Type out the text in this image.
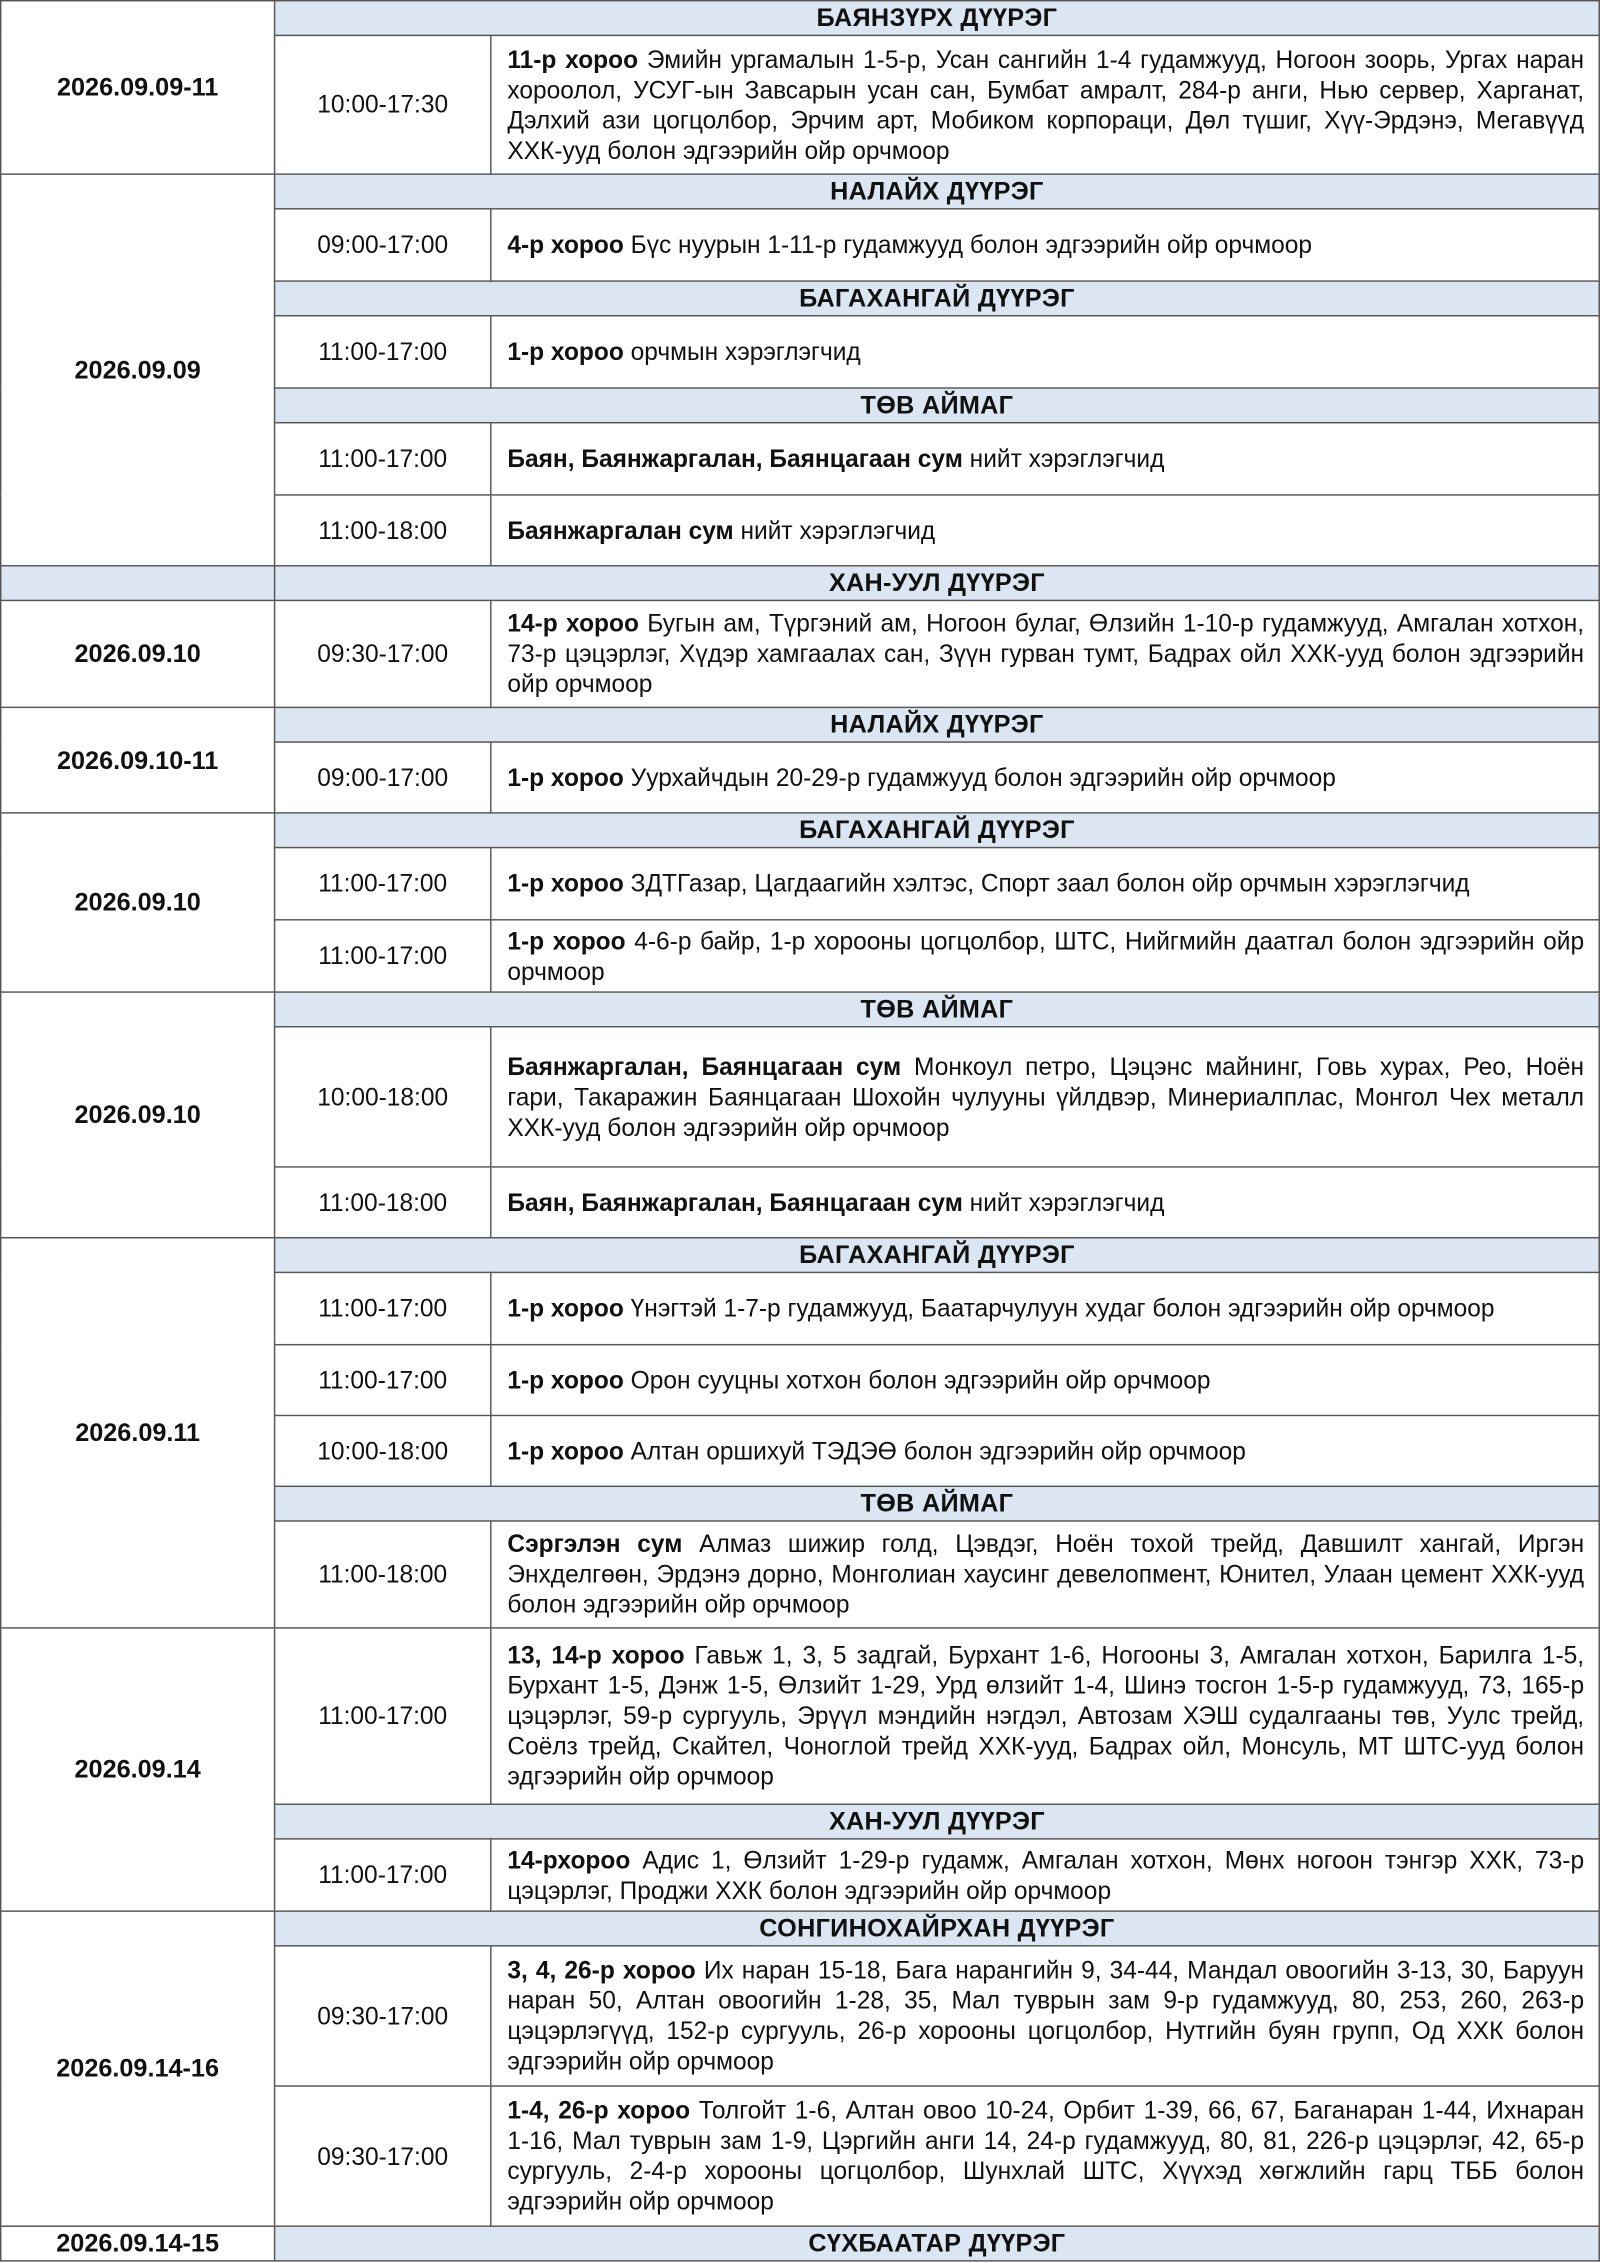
2026.09.09-11	БАЯНЗҮРХ ДҮҮРЭГ	
	10:00-17:30	11-р хороо Эмийн ургамалын 1-5-р, Усан сангийн 1-4 гудамжууд, Ногоон зоорь, Ургах наран хороолол, УСУГ-ын Завсарын усан сан, Бумбат амралт, 284-р анги, Нью сервер, Харганат, Дэлхий ази цогцолбор, Эрчим арт, Мобиком корпораци, Дөл түшиг, Хүү-Эрдэнэ, Мегавүүд ХХК-ууд болон эдгээрийн ойр орчмоор
2026.09.09	НАЛАЙХ ДҮҮРЭГ	
	09:00-17:00	4-р хороо Бүс нуурын 1-11-р гудамжууд болон эдгээрийн ойр орчмоор
	БАГАХАНГАЙ ДҮҮРЭГ	
	11:00-17:00	1-р хороо орчмын хэрэглэгчид
	ТӨВ АЙМАГ	
	11:00-17:00	Баян, Баянжаргалан, Баянцагаан сум нийт хэрэглэгчид
	11:00-18:00	Баянжаргалан сум нийт хэрэглэгчид
	ХАН-УУЛ ДҮҮРЭГ	
2026.09.10	09:30-17:00	14-р хороо Бугын ам, Түргэний ам, Ногоон булаг, Өлзийн 1-10-р гудамжууд, Амгалан хотхон, 73-р цэцэрлэг, Хүдэр хамгаалах сан, Зүүн гурван тумт, Бадрах ойл ХХК-ууд болон эдгээрийн ойр орчмоор
2026.09.10-11	НАЛАЙХ ДҮҮРЭГ	
	09:00-17:00	1-р хороо Уурхайчдын 20-29-р гудамжууд болон эдгээрийн ойр орчмоор
2026.09.10	БАГАХАНГАЙ ДҮҮРЭГ	
	11:00-17:00	1-р хороо ЗДТГазар, Цагдаагийн хэлтэс, Спорт заал болон ойр орчмын хэрэглэгчид
	11:00-17:00	1-р хороо 4-6-р байр, 1-р хорооны цогцолбор, ШТС, Нийгмийн даатгал болон эдгээрийн ойр орчмоор
2026.09.10	ТӨВ АЙМАГ	
	10:00-18:00	Баянжаргалан, Баянцагаан сум Монкоул петро, Цэцэнс майнинг, Говь хурах, Рео, Ноён гари, Такаражин Баянцагаан Шохойн чулууны үйлдвэр, Минериалплас, Монгол Чех металл ХХК-ууд болон эдгээрийн ойр орчмоор
	11:00-18:00	Баян, Баянжаргалан, Баянцагаан сум нийт хэрэглэгчид
2026.09.11	БАГАХАНГАЙ ДҮҮРЭГ	
	11:00-17:00	1-р хороо Үнэгтэй 1-7-р гудамжууд, Баатарчулуун худаг болон эдгээрийн ойр орчмоор
	11:00-17:00	1-р хороо Орон сууцны хотхон болон эдгээрийн ойр орчмоор
	10:00-18:00	1-р хороо Алтан оршихуй ТЭДЭӨ болон эдгээрийн ойр орчмоор
	ТӨВ АЙМАГ	
	11:00-18:00	Сэргэлэн сум Алмаз шижир голд, Цэвдэг, Ноён тохой трейд, Давшилт хангай, Иргэн Энхделгөөн, Эрдэнэ дорно, Монголиан хаусинг девелопмент, Юнител, Улаан цемент ХХК-ууд болон эдгээрийн ойр орчмоор
2026.09.14	11:00-17:00	13, 14-р хороо Гавьж 1, 3, 5 задгай, Бурхант 1-6, Ногооны 3, Амгалан хотхон, Барилга 1-5, Бурхант 1-5, Дэнж 1-5, Өлзийт 1-29, Урд өлзийт 1-4, Шинэ тосгон 1-5-р гудамжууд, 73, 165-р цэцэрлэг, 59-р сургууль, Эрүүл мэндийн нэгдэл, Автозам ХЭШ судалгааны төв, Уулс трейд, Соёлз трейд, Скайтел, Чоноглой трейд ХХК-ууд, Бадрах ойл, Монсуль, МТ ШТС-ууд болон эдгээрийн ойр орчмоор
	ХАН-УУЛ ДҮҮРЭГ	
	11:00-17:00	14-рхороо Адис 1, Өлзийт 1-29-р гудамж, Амгалан хотхон, Мөнх ногоон тэнгэр ХХК, 73-р цэцэрлэг, Проджи ХХК болон эдгээрийн ойр орчмоор
2026.09.14-16	СОНГИНОХАЙРХАН ДҮҮРЭГ	
	09:30-17:00	3, 4, 26-р хороо Их наран 15-18, Бага нарангийн 9, 34-44, Мандал овоогийн 3-13, 30, Баруун наран 50, Алтан овоогийн 1-28, 35, Мал туврын зам 9-р гудамжууд, 80, 253, 260, 263-р цэцэрлэгүүд, 152-р сургууль, 26-р хорооны цогцолбор, Нутгийн буян групп, Од ХХК болон эдгээрийн ойр орчмоор
	09:30-17:00	1-4, 26-р хороо Толгойт 1-6, Алтан овоо 10-24, Орбит 1-39, 66, 67, Баганаран 1-44, Ихнаран 1-16, Мал туврын зам 1-9, Цэргийн анги 14, 24-р гудамжууд, 80, 81, 226-р цэцэрлэг, 42, 65-р сургууль, 2-4-р хорооны цогцолбор, Шунхлай ШТС, Хүүхэд хөгжлийн гарц ТББ болон эдгээрийн ойр орчмоор
2026.09.14-15	СҮХБААТАР ДҮҮРЭГ	
